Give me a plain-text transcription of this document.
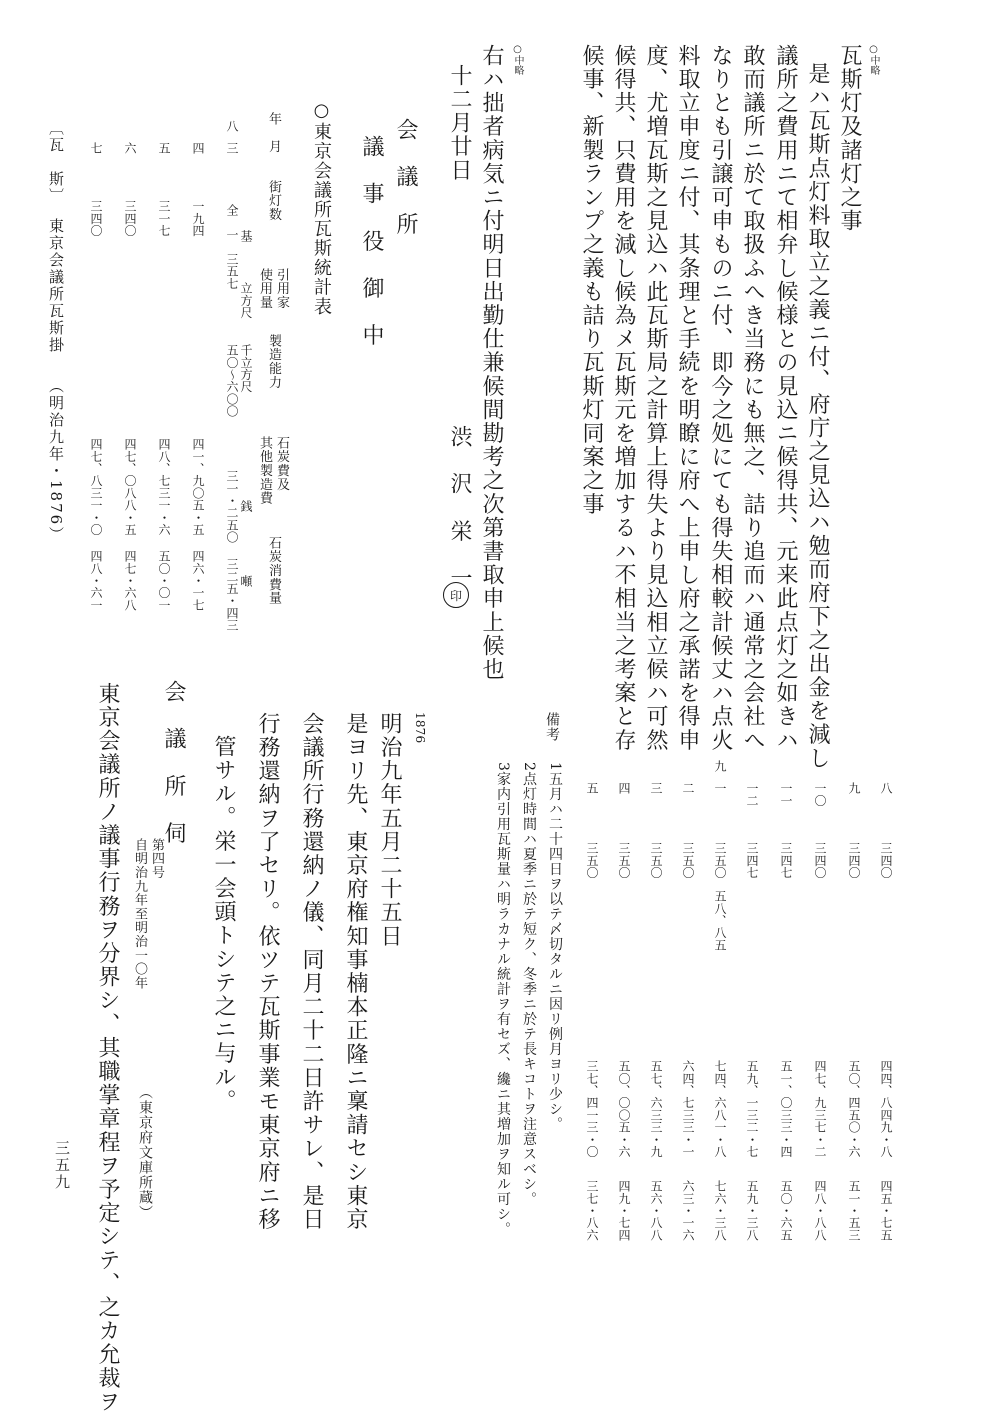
○中略
瓦斯灯及諸灯之事
是ハ瓦斯点灯料取立之義ニ付、府庁之見込ハ勉而府下之出金を減し
議所之費用ニて相弁し候様との見込ニ候得共、元来此点灯之如きハ
敢而議所ニ於て取扱ふへき当務にも無之、詰り追而ハ通常之会社へ
なりとも引譲可申ものニ付、即今之処にても得失相較計候丈ハ点火
料取立申度ニ付、其条理と手続を明瞭に府へ上申し府之承諾を得申
度、尤増瓦斯之見込ハ此瓦斯局之計算上得失より見込相立候ハ可然
候得共、只費用を減し候為メ瓦斯元を増加するハ不相当之考案と存
候事、新製ランプ之義も詰り瓦斯灯同案之事
○中略
右ハ拙者病気ニ付明日出勤仕兼候間勘考之次第書取申上候也
十二月廿日
渋　沢　栄　一
印
会　議　所
議　事　役　御　中
○東京会議所瓦斯統計表
年　月
街灯数
引用家
使用量
製造能力
石炭費及
其他製造費
石炭消費量
基
立方尺
千立方尺
銭
噸
八
三
全　一　三五七
五〇～六〇〇
三一・二五〇
三二五・四三
四
一九四
四一、九〇五・五
四六・一七
五
三一七
四八、七三一・六
五〇・〇一
六
三四〇
四七、〇八八・五
四七・六八
七
三四〇
四七、八三一・〇
四八・六一
〔瓦　斯〕
東京会議所瓦斯掛
（明治九年・1876）
八
三四〇
四四、八四九・八
四五・七五
九
三四〇
五〇、四五〇・六
五一・五三
一〇
三四〇
四七、九三七・二
四八・八八
一一
三四七
五一、〇三三・四
五〇・六五
一二
三四七
五九、一三二・七
五九・三八
九
一
三五〇
五八、八五
七四、六八一・八
七六・三八
二
三五〇
六四、七三三・一
六三・一六
三
三五〇
五七、六三三・九
五六・八八
四
三五〇
五〇、〇〇五・六
四九・七四
五
三五〇
三七、四一三・〇
三七・八六
備考
1五月ハ二十四日ヲ以テ〆切タルニ因リ例月ヨリ少シ。
2点灯時間ハ夏季ニ於テ短ク、冬季ニ於テ長キコトヲ注意スベシ。
3家内引用瓦斯量ハ明ラカナル統計ヲ有セズ、纔ニ其増加ヲ知ル可シ。
1876
明治九年五月二十五日
是ヨリ先、東京府権知事楠本正隆ニ稟請セシ東京
会議所行務還納ノ儀、同月二十二日許サレ、是日
行務還納ヲ了セリ。依ツテ瓦斯事業モ東京府ニ移
管サル。栄一会頭トシテ之ニ与ル。
会　議　所　伺
第四号
自明治九年至明治一〇年
（東京府文庫所蔵）
東京会議所ノ議事行務ヲ分界シ、其職掌章程ヲ予定シテ、之カ允裁ヲ
三五九
